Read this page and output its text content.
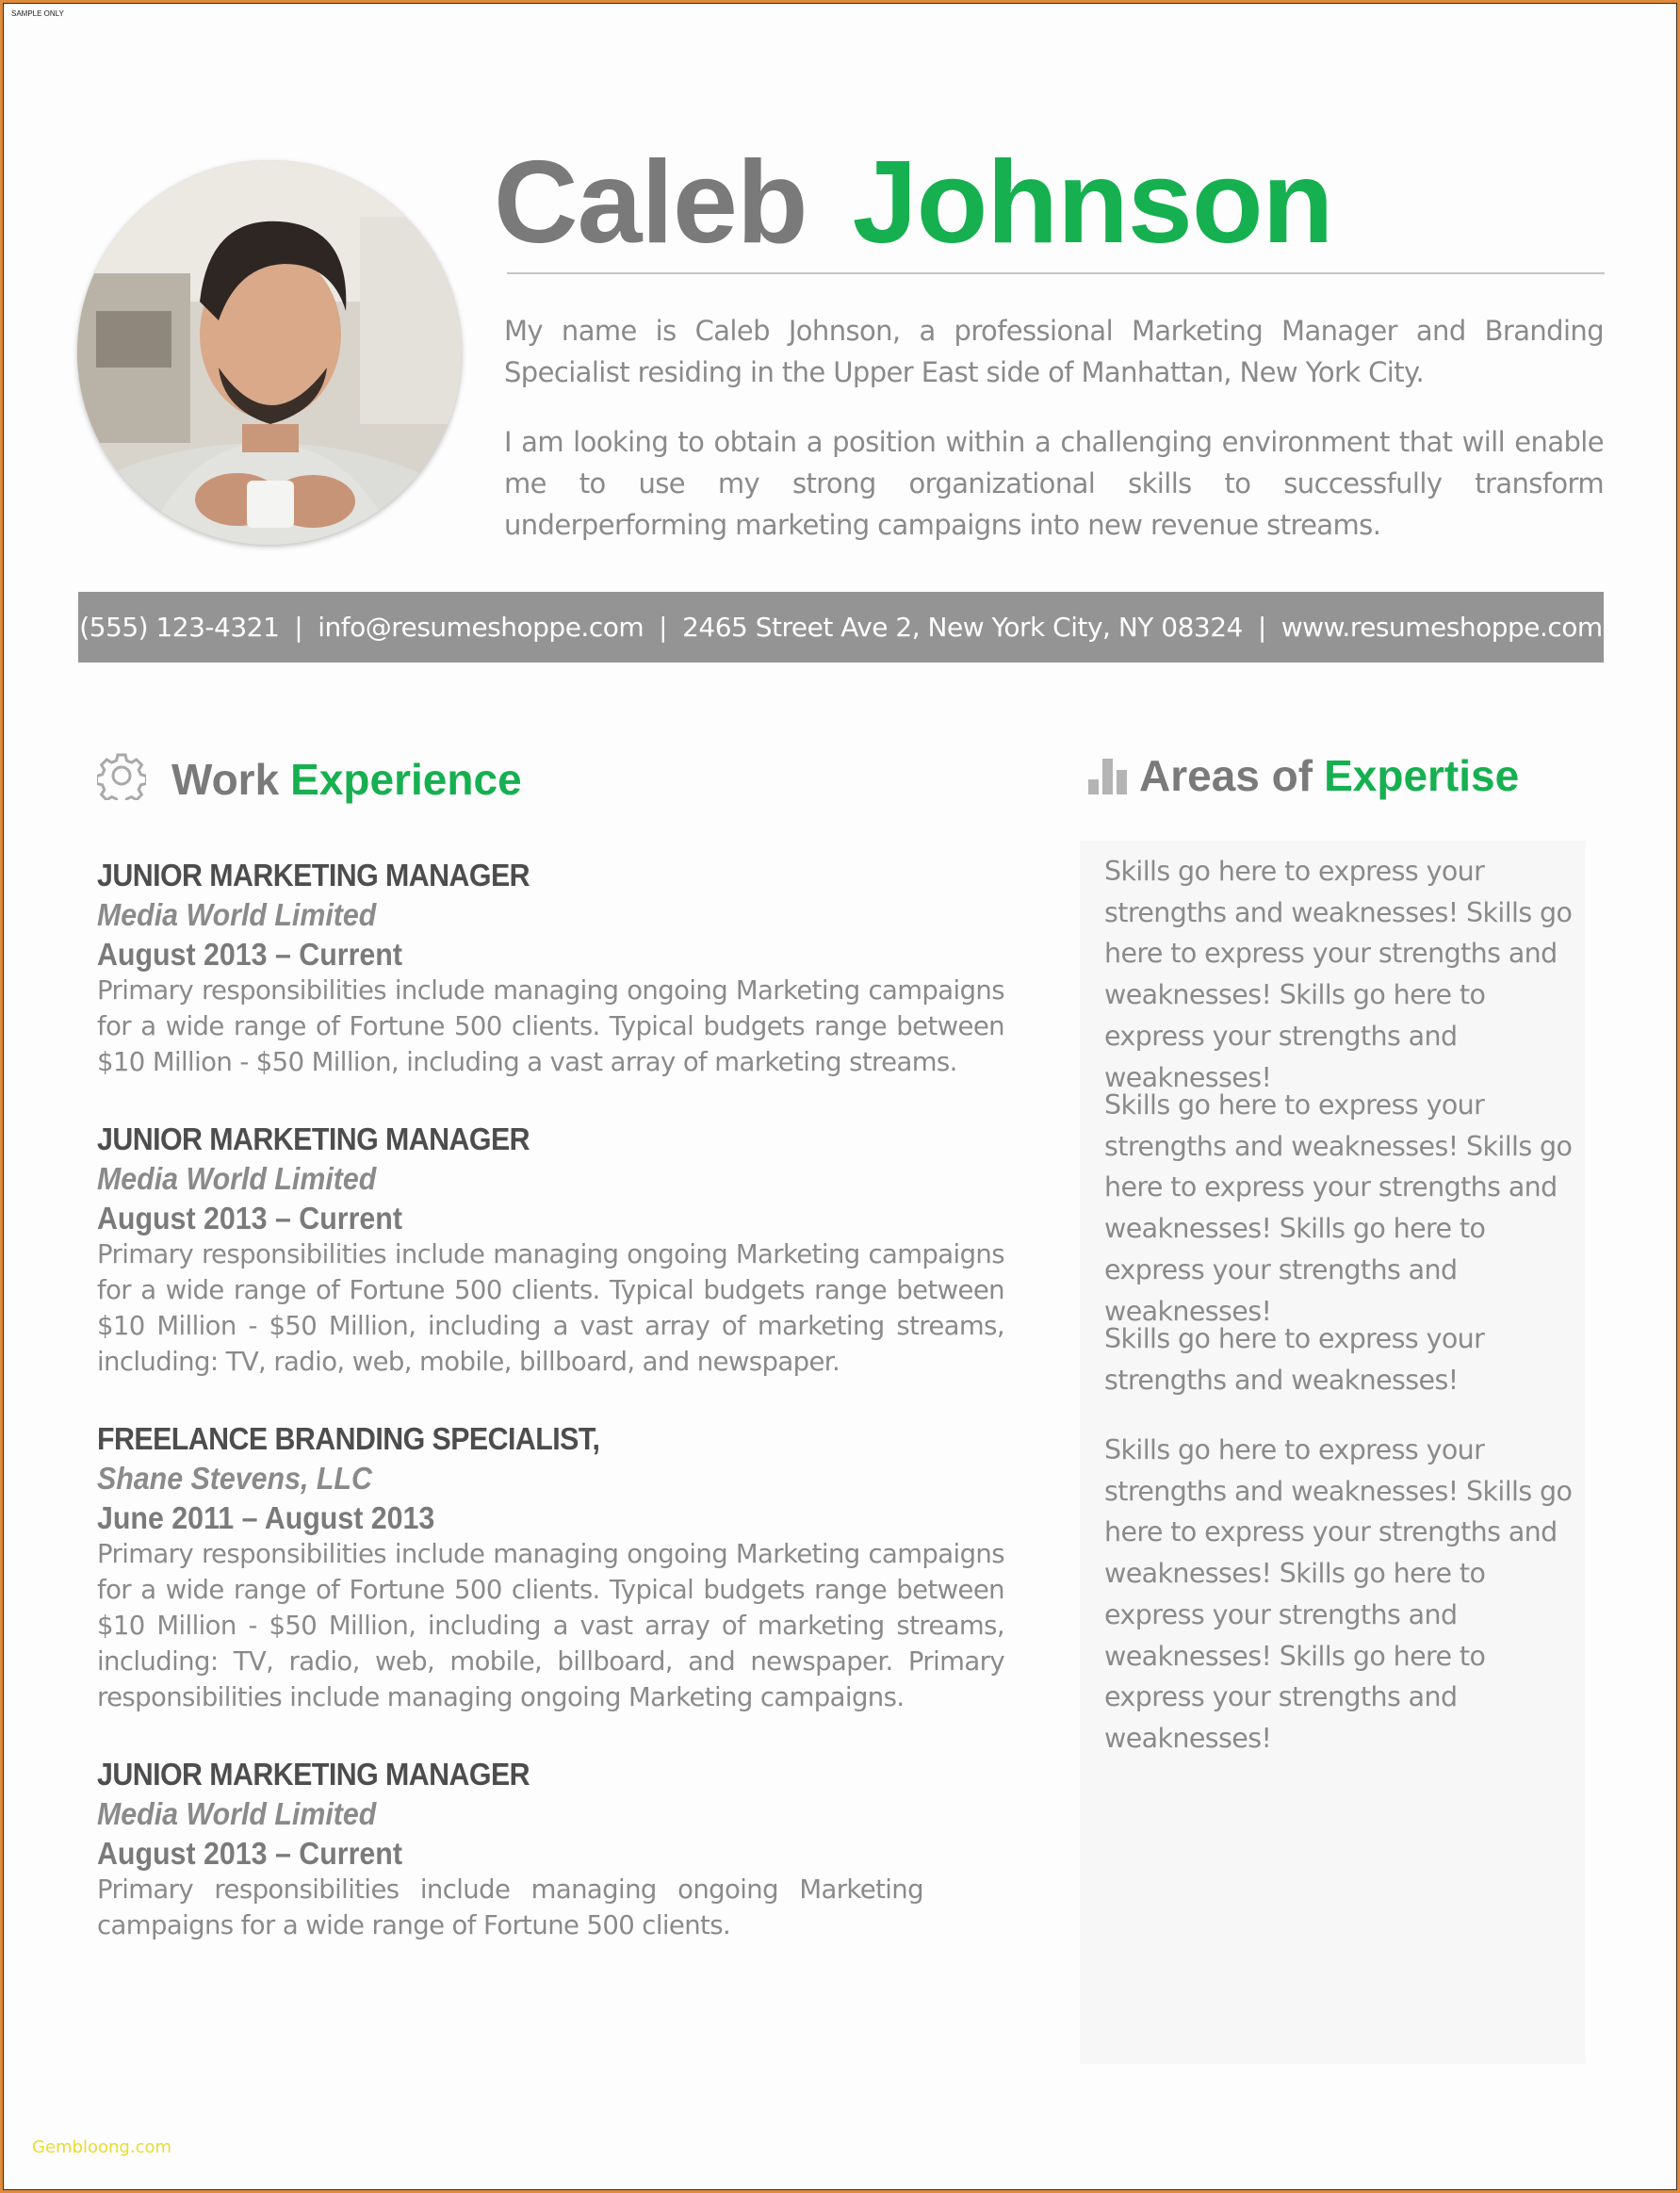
SAMPLE ONLY
Caleb Johnson
My name is Caleb Johnson, a professional Marketing Manager and Branding Specialist residing in the Upper East side of Manhattan, New York City.
I am looking to obtain a position within a challenging environment that will enable me to use my strong organizational skills to successfully transform underperforming marketing campaigns into new revenue streams.
(555) 123-4321 | info@resumeshoppe.com | 2465 Street Ave 2, New York City, NY 08324 | www.resumeshoppe.com
Work Experience	Areas of Expertise
JUNIOR MARKETING MANAGER
Media World Limited
August 2013 – Current
Primary responsibilities include managing ongoing Marketing campaigns for a wide range of Fortune 500 clients. Typical budgets range between $10 Million - $50 Million, including a vast array of marketing streams.
JUNIOR MARKETING MANAGER
Media World Limited
August 2013 – Current
Primary responsibilities include managing ongoing Marketing campaigns for a wide range of Fortune 500 clients. Typical budgets range between $10 Million - $50 Million, including a vast array of marketing streams, including: TV, radio, web, mobile, billboard, and newspaper.
FREELANCE BRANDING SPECIALIST,
Shane Stevens, LLC
June 2011 – August 2013
Primary responsibilities include managing ongoing Marketing campaigns for a wide range of Fortune 500 clients. Typical budgets range between $10 Million - $50 Million, including a vast array of marketing streams, including: TV, radio, web, mobile, billboard, and newspaper. Primary responsibilities include managing ongoing Marketing campaigns.
JUNIOR MARKETING MANAGER
Media World Limited
August 2013 – Current
Primary responsibilities include managing ongoing Marketing campaigns for a wide range of Fortune 500 clients.
Skills go here to express your strengths and weaknesses! Skills go here to express your strengths and weaknesses! Skills go here to express your strengths and weaknesses!
Skills go here to express your strengths and weaknesses! Skills go here to express your strengths and weaknesses! Skills go here to express your strengths and weaknesses!
Skills go here to express your strengths and weaknesses!
Skills go here to express your strengths and weaknesses! Skills go here to express your strengths and weaknesses! Skills go here to express your strengths and weaknesses! Skills go here to express your strengths and weaknesses!
Gembloong.com
